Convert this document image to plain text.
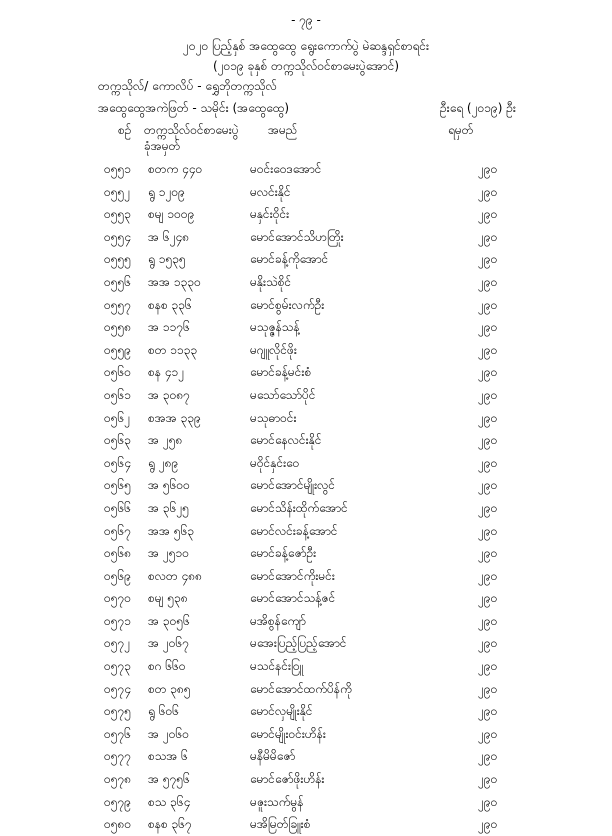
- ၇၉ -
၂၀၂၀ ပြည့်နှစ် အထွေထွေ ရွေးကောက်ပွဲ မဲဆန္ဒရှင်စာရင်း
(၂၀၁၉ ခုနှစ် တက္ကသိုလ်ဝင်စာမေးပွဲအောင်)
တက္ကသိုလ်/ ကောလိပ် - ရွှေဘိုတက္ကသိုလ်
အထွေထွေအကဲဖြတ် - သမိုင်း (အထွေထွေ)	ဦးရေ (၂၀၁၉) ဦး
စဉ် တက္ကသိုလ်ဝင်စာမေးပွဲ
ခုံအမှတ်
အမည်	ရမှတ်
၀၅၅၁ စတက ၄၄၀	မဝင်းဝေဒအောင်	၂၉၀
၀၅၅၂ ရွ ၁၂၀၉	မလင်းနိုင်	၂၉၀
၀၅၅၃ စမျ ၁၀၀၉	မနှင်းဝိုင်း	၂၉၀
၀၅၅၄ အ ၆၂၄၈	မောင်အောင်သိဟတြိုး	၂၉၀
၀၅၅၅ ရွ ၁၅၃၅	မောင်ခန့်ကိုအောင်	၂၉၀
၀၅၅၆ အအ ၁၃၃၀	မနိုးသဲစိုင်	၂၉၀
၀၅၅၇ စနစ ၃၃၆	မောင်စွမ်းလက်ဦး	၂၉၀
၀၅၅၈ အ ၁၁၇၆	မသုဇ္ဇန်သန့်	၂၉၀
၀၅၅၉ စတ ၁၁၃၃	မဂျူလိုင်ဖိုး	၂၉၀
၀၅၆၀ စန ၄၁၂	မောင်ခန့်မင်းစံ	၂၉၀
၀၅၆၁ အ ၃၀၈၇	မသော်သော်ပိုင်	၂၉၀
၀၅၆၂ စအအ ၃၃၉	မသုဓာဝင်း	၂၉၀
၀၅၆၃ အ ၂၅၈	မောင်နေလင်းနိုင်	၂၉၀
၀၅၆၄ ရွ ၂၈၉	မဝိုင်နှင်းဝေ	၂၉၀
၀၅၆၅ အ ၅၆၀၀	မောင်အောင်မျိုးလွင်	၂၉၀
၀၅၆၆ အ ၃၆၂၅	မောင်သိန်းထိုက်အောင်	၂၉၀
၀၅၆၇ အအ ၅၆၃	မောင်လင်းခန့်အောင်	၂၉၀
၀၅၆၈ အ ၂၅၁၀	မောင်ခန့်ဇော်ဦး	၂၉၀
၀၅၆၉ စလတ ၄၈၈	မောင်အောင်ကိုးမင်း	၂၉၀
၀၅၇၀ စမျ ၅၃၈	မောင်အောင်သန့်ဇင်	၂၉၀
၀၅၇၁ အ ၃၀၅၆	မအိစွန်ကျော်	၂၉၀
၀၅၇၂ အ ၂၀၆၇	မအေးပြည့်ပြည့်အောင်	၂၉၀
၀၅၇၃ စဂ ၆၆၀	မသင်နင်း၀ြူ	၂၉၀
၀၅၇၄ စတ ၃၈၅	မောင်အောင်ထက်ပိန်ကို	၂၉၀
၀၅၇၅ ရွ ၆၀၆	မောင်လှမျိုးနိုင်	၂၉၀
၀၅၇၆ အ ၂၀၆၀	မောင်မျိုးဝင်းဟိန်း	၂၉၀
၀၅၇၇ စသအ ၆	မနီမိမိဇော်	၂၉၀
၀၅၇၈ အ ၅၇၅၆	မောင်ဇော်ဖိုးဟိန်း	၂၉၀
၀၅၇၉ စသ ၃၆၄	မဇူးသက်မွန်	၂၉၀
၀၅၈၀ စနစ ၃၆၇	မအိမြတ်ခြူးစံ	၂၉၀
